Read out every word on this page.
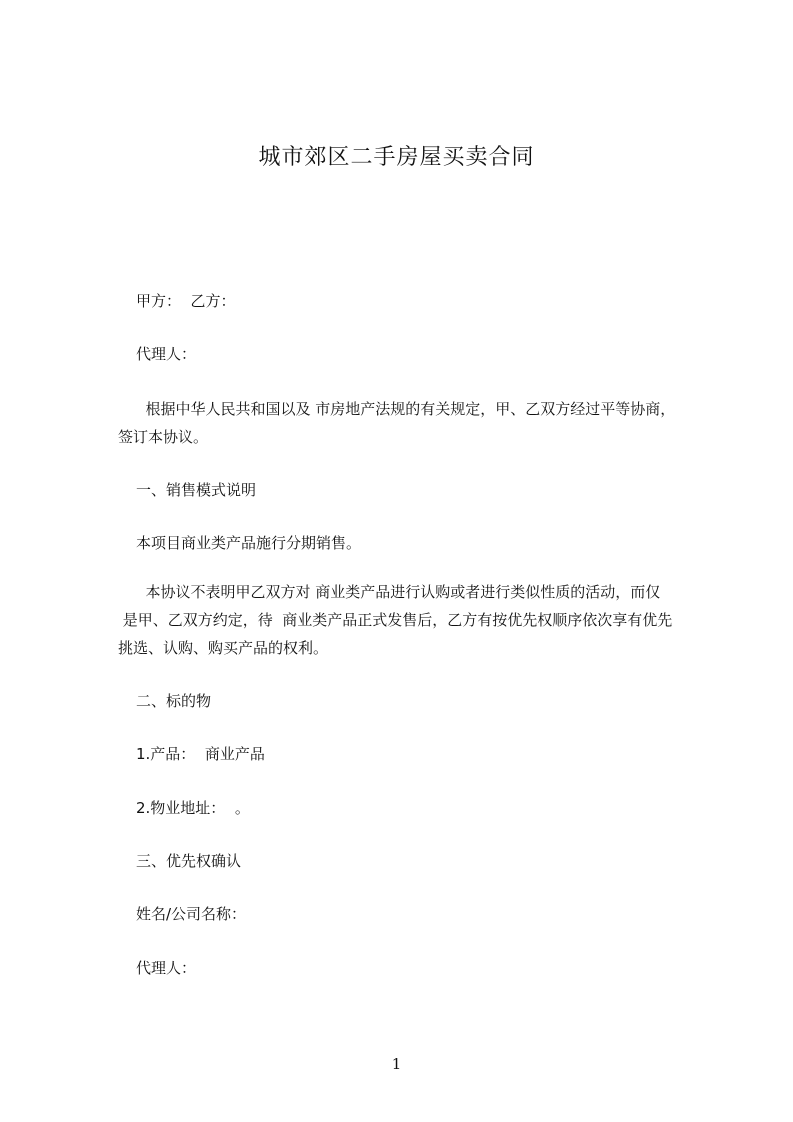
城市郊区二手房屋买卖合同
甲方：  乙方：
代理人：
根据中华人民共和国以及 市房地产法规的有关规定，甲、乙双方经过平等协商，
签订本协议。
一、销售模式说明
本项目商业类产品施行分期销售。
本协议不表明甲乙双方对 商业类产品进行认购或者进行类似性质的活动，而仅
是甲、乙双方约定，待  商业类产品正式发售后，乙方有按优先权顺序依次享有优先
挑选、认购、购买产品的权利。
二、标的物
1.产品：  商业产品
2.物业地址：  。
三、优先权确认
姓名/公司名称：
代理人：
1
